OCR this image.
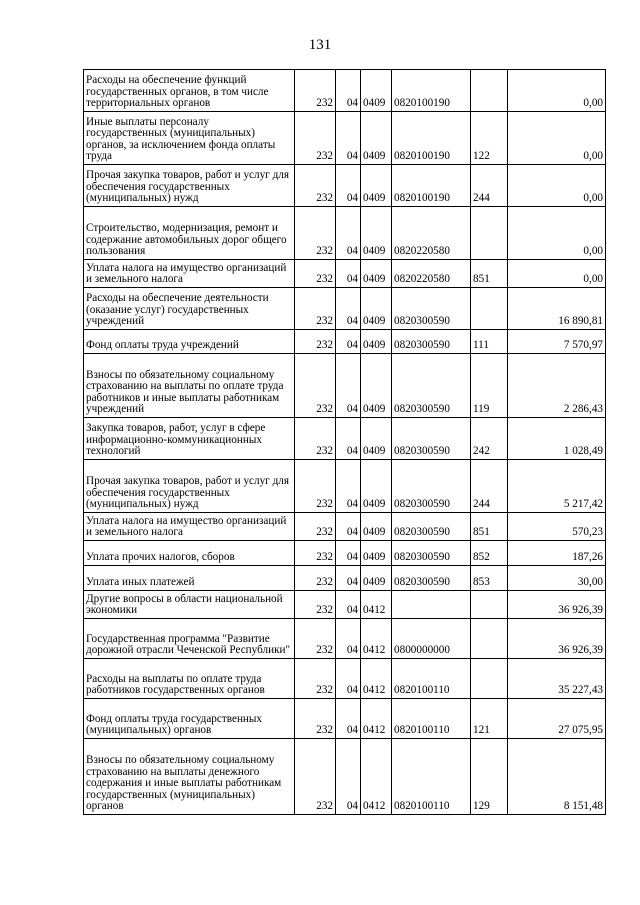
131
Расходы на обеспечение функций государственных органов, в том числе территориальных органов	232	04	0409	0820100190		0,00
Иные выплаты персоналу государственных (муниципальных) органов, за исключением фонда оплаты труда	232	04	0409	0820100190	122	0,00
Прочая закупка товаров, работ и услуг для обеспечения государственных (муниципальных) нужд	232	04	0409	0820100190	244	0,00
Строительство, модернизация, ремонт и содержание автомобильных дорог общего пользования	232	04	0409	0820220580		0,00
Уплата налога на имущество организаций и земельного налога	232	04	0409	0820220580	851	0,00
Расходы на обеспечение деятельности (оказание услуг) государственных учреждений	232	04	0409	0820300590		16 890,81
Фонд оплаты труда учреждений	232	04	0409	0820300590	111	7 570,97
Взносы по обязательному социальному страхованию на выплаты по оплате труда работников и иные выплаты работникам учреждений	232	04	0409	0820300590	119	2 286,43
Закупка товаров, работ, услуг в сфере информационно-коммуникационных технологий	232	04	0409	0820300590	242	1 028,49
Прочая закупка товаров, работ и услуг для обеспечения государственных (муниципальных) нужд	232	04	0409	0820300590	244	5 217,42
Уплата налога на имущество организаций и земельного налога	232	04	0409	0820300590	851	570,23
Уплата прочих налогов, сборов	232	04	0409	0820300590	852	187,26
Уплата иных платежей	232	04	0409	0820300590	853	30,00
Другие вопросы в области национальной экономики	232	04	0412			36 926,39
Государственная программа "Развитие дорожной отрасли Чеченской Республики"	232	04	0412	0800000000		36 926,39
Расходы на выплаты по оплате труда работников государственных органов	232	04	0412	0820100110		35 227,43
Фонд оплаты труда государственных (муниципальных) органов	232	04	0412	0820100110	121	27 075,95
Взносы по обязательному социальному страхованию на выплаты денежного содержания и иные выплаты работникам государственных (муниципальных) органов	232	04	0412	0820100110	129	8 151,48
